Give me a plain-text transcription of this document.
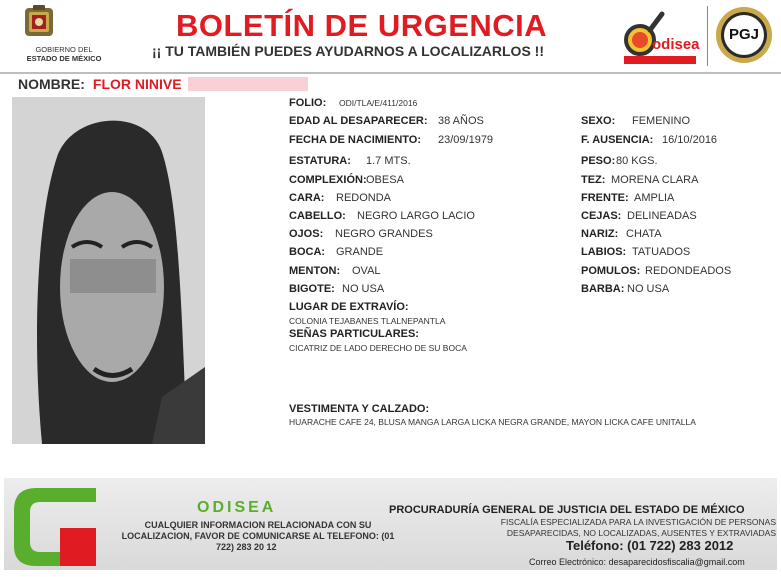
GOBIERNO DEL
ESTADO DE MÉXICO
BOLETÍN DE URGENCIA
¡¡ TU TAMBIÉN PUEDES AYUDARNOS A LOCALIZARLOS !!	odisea
PGJ
NOMBRE: FLOR NINIVE
FOLIO: ODI/TLA/E/411/2016
EDAD AL DESAPARECER: 38 AÑOS
FECHA DE NACIMIENTO: 23/09/1979
ESTATURA: 1.7 MTS.
COMPLEXIÓN: OBESA
CARA: REDONDA
CABELLO: NEGRO LARGO LACIO
OJOS: NEGRO GRANDES
BOCA: GRANDE
MENTON: OVAL
BIGOTE: NO USA
SEXO: FEMENINO
F. AUSENCIA: 16/10/2016
PESO: 80 KGS.
TEZ: MORENA CLARA
FRENTE: AMPLIA
CEJAS: DELINEADAS
NARIZ: CHATA
LABIOS: TATUADOS
POMULOS: REDONDEADOS
BARBA: NO USA
LUGAR DE EXTRAVÍO:
COLONIA TEJABANES TLALNEPANTLA
SEÑAS PARTICULARES:
CICATRIZ DE LADO DERECHO DE SU BOCA
VESTIMENTA Y CALZADO:
HUARACHE CAFE 24, BLUSA MANGA LARGA LICKA NEGRA GRANDE, MAYON LICKA CAFE UNITALLA
ODISEA
CUALQUIER INFORMACION RELACIONADA CON SU
LOCALIZACION, FAVOR DE COMUNICARSE AL TELEFONO: (01
722) 283 20 12
PROCURADURÍA GENERAL DE JUSTICIA DEL ESTADO DE MÉXICO
FISCALÍA ESPECIALIZADA PARA LA INVESTIGACIÓN DE PERSONAS
DESAPARECIDAS, NO LOCALIZADAS, AUSENTES Y EXTRAVIADAS
Teléfono: (01 722) 283 2012
Correo Electrónico: desaparecidosfiscalia@gmail.com
